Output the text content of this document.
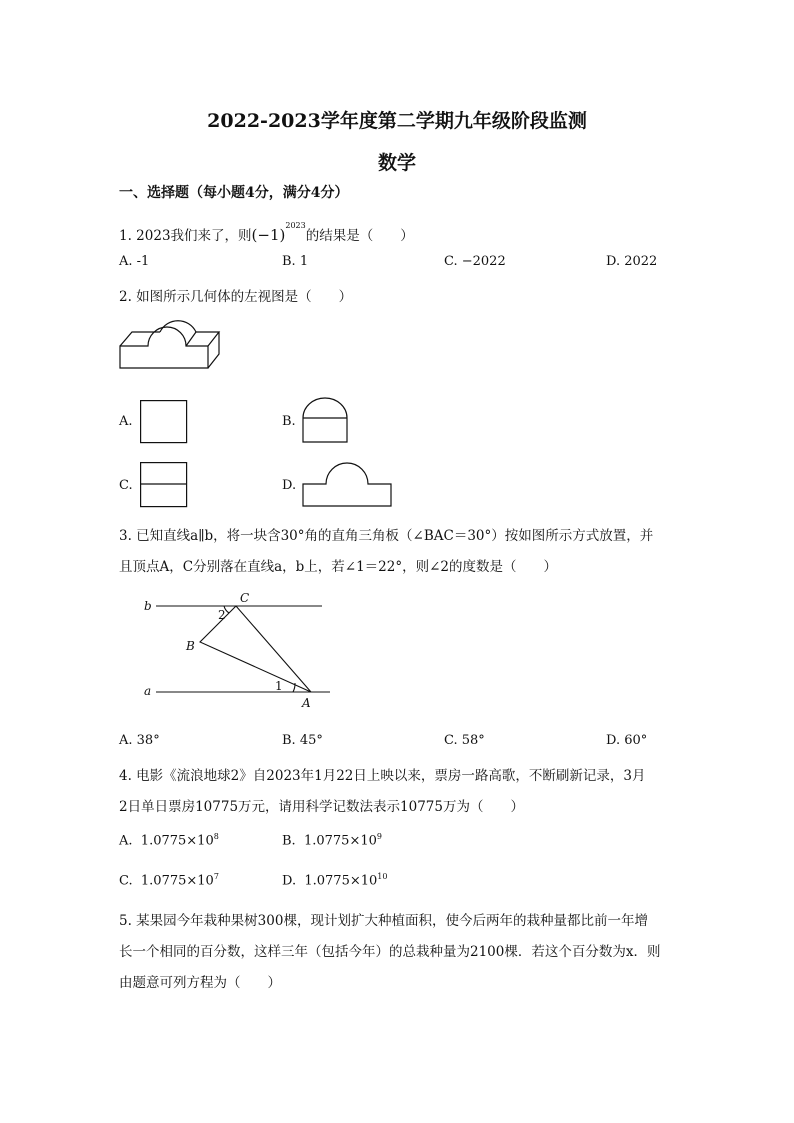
2022-2023学年度第二学期九年级阶段监测
数学
一、选择题（每小题4分，满分4分）
1. 2023我们来了，则$(-1)^{2023}$的结果是（　　）
A. -1	B. 1	C. −2022	D. 2022
2. 如图所示几何体的左视图是（　　）
A.	B.
C.	D.
3. 已知直线a∥b，将一块含30°角的直角三角板（∠BAC＝30°）按如图所示方式放置，并
且顶点A，C分别落在直线a，b上，若∠1＝22°，则∠2的度数是（　　）
b
a
C
B
A
1
2
A. 38°	B. 45°	C. 58°	D. 60°
4. 电影《流浪地球2》自2023年1月22日上映以来，票房一路高歌，不断刷新记录，3月
2日单日票房10775万元，请用科学记数法表示10775万为（　　）
A. $1.0775\times 10^8$	B. $1.0775\times 10^9$
C. $1.0775\times 10^7$	D. $1.0775\times 10^{10}$
5. 某果园今年栽种果树300棵，现计划扩大种植面积，使今后两年的栽种量都比前一年增
长一个相同的百分数，这样三年（包括今年）的总栽种量为2100棵．若这个百分数为x．则
由题意可列方程为（　　）
